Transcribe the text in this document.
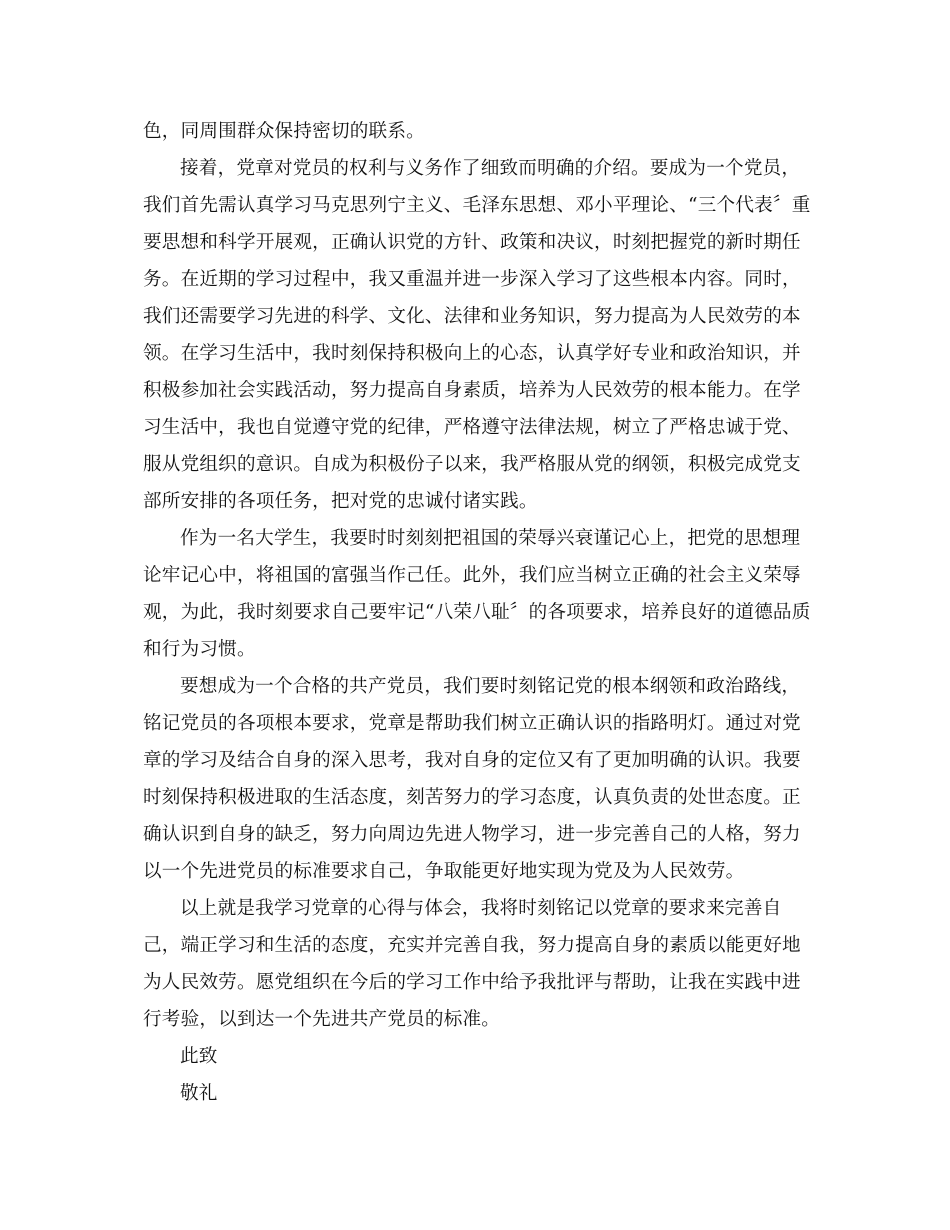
色，同周围群众保持密切的联系。
接着，党章对党员的权利与义务作了细致而明确的介绍。要成为一个党员，
我们首先需认真学习马克思列宁主义、毛泽东思想、邓小平理论、“三个代表〞重
要思想和科学开展观，正确认识党的方针、政策和决议，时刻把握党的新时期任
务。在近期的学习过程中，我又重温并进一步深入学习了这些根本内容。同时，
我们还需要学习先进的科学、文化、法律和业务知识，努力提高为人民效劳的本
领。在学习生活中，我时刻保持积极向上的心态，认真学好专业和政治知识，并
积极参加社会实践活动，努力提高自身素质，培养为人民效劳的根本能力。在学
习生活中，我也自觉遵守党的纪律，严格遵守法律法规，树立了严格忠诚于党、
服从党组织的意识。自成为积极份子以来，我严格服从党的纲领，积极完成党支
部所安排的各项任务，把对党的忠诚付诸实践。
作为一名大学生，我要时时刻刻把祖国的荣辱兴衰谨记心上，把党的思想理
论牢记心中，将祖国的富强当作己任。此外，我们应当树立正确的社会主义荣辱
观，为此，我时刻要求自己要牢记“八荣八耻〞的各项要求，培养良好的道德品质
和行为习惯。
要想成为一个合格的共产党员，我们要时刻铭记党的根本纲领和政治路线，
铭记党员的各项根本要求，党章是帮助我们树立正确认识的指路明灯。通过对党
章的学习及结合自身的深入思考，我对自身的定位又有了更加明确的认识。我要
时刻保持积极进取的生活态度，刻苦努力的学习态度，认真负责的处世态度。正
确认识到自身的缺乏，努力向周边先进人物学习，进一步完善自己的人格，努力
以一个先进党员的标准要求自己，争取能更好地实现为党及为人民效劳。
以上就是我学习党章的心得与体会，我将时刻铭记以党章的要求来完善自
己，端正学习和生活的态度，充实并完善自我，努力提高自身的素质以能更好地
为人民效劳。愿党组织在今后的学习工作中给予我批评与帮助，让我在实践中进
行考验，以到达一个先进共产党员的标准。
此致
敬礼
